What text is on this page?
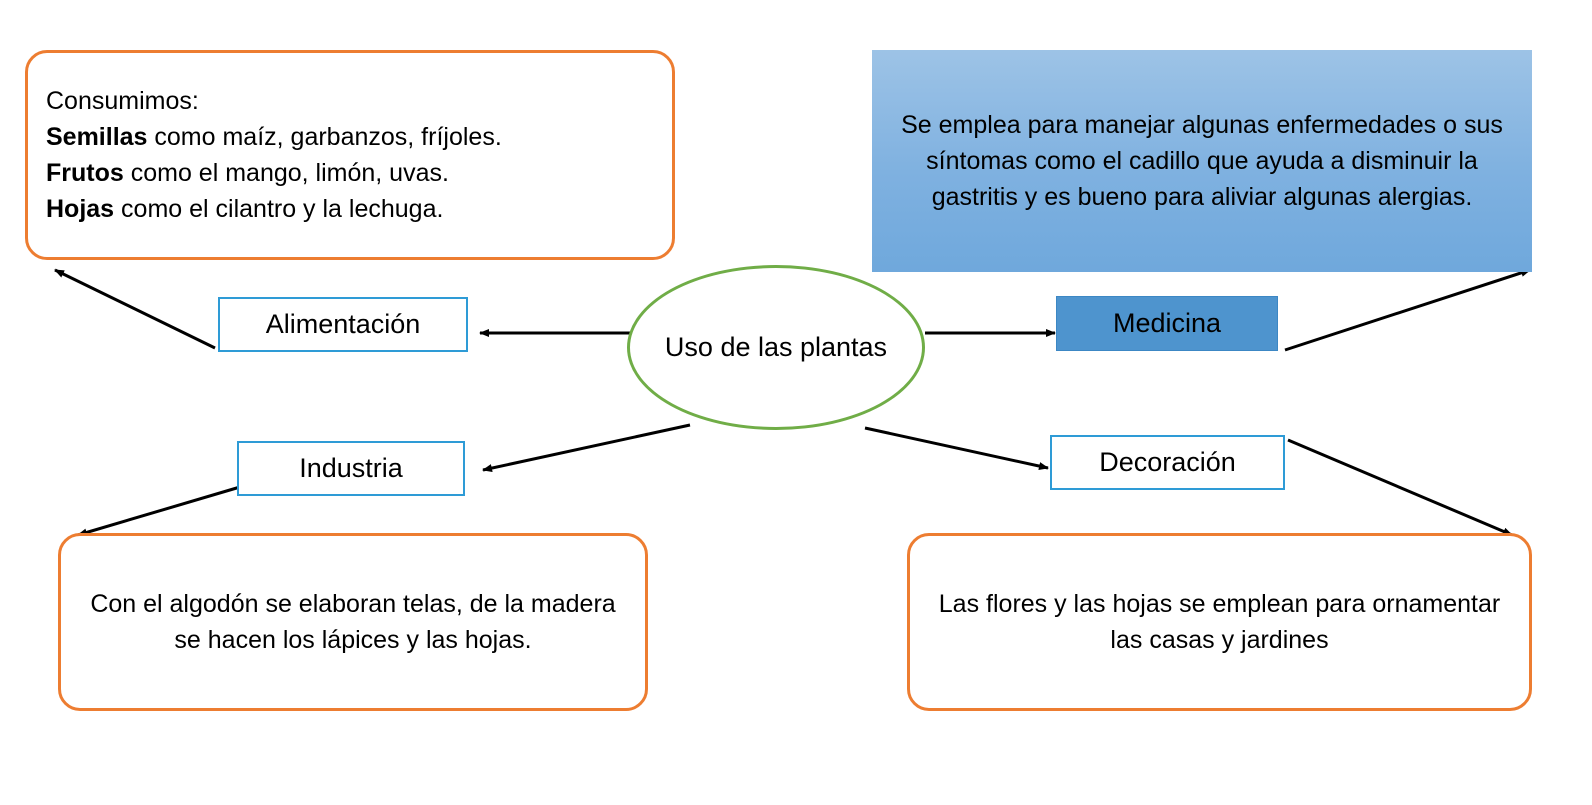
Consumimos:
Semillas como maíz, garbanzos, fríjoles.
Frutos como el mango, limón, uvas.
Hojas como el cilantro y la lechuga.
Se emplea para manejar algunas enfermedades o sus síntomas como el cadillo que ayuda a disminuir la gastritis y es bueno para aliviar algunas alergias.
Alimentación	Medicina
Uso de las plantas
Industria	Decoración
Con el algodón se elaboran telas, de la madera se hacen los lápices y las hojas.
Las flores y las hojas se emplean para ornamentar las casas y jardines
